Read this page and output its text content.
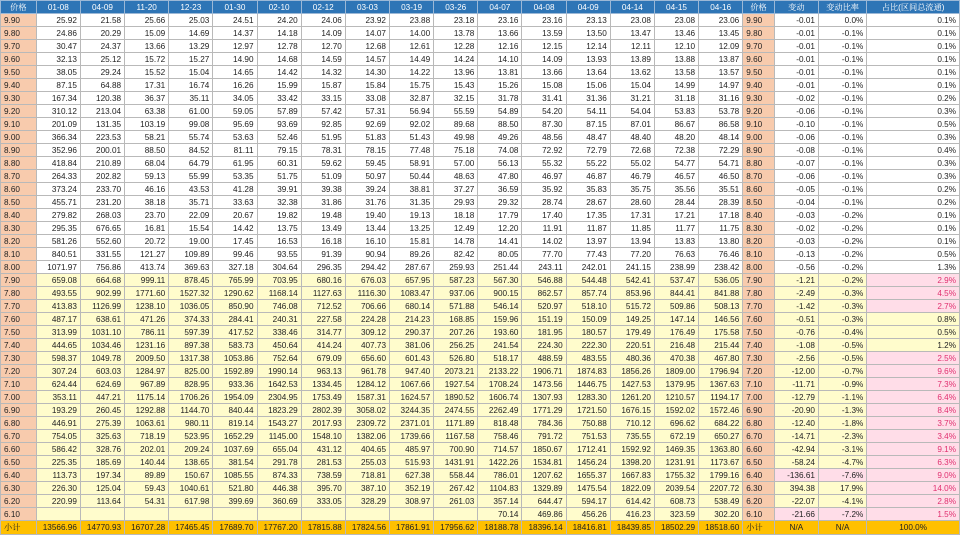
价格	01-08	04-09	11-20	12-23	01-30	02-10	02-12	03-03	03-19	03-26	04-07	04-08	04-09	04-14	04-15	04-16	价格	变动	变动比率	占比(区间总流通)
9.90	25.92	21.58	25.66	25.03	24.51	24.20	24.06	23.92	23.88	23.18	23.16	23.16	23.13	23.08	23.08	23.06	9.90	-0.01	0.0%	0.1%
9.80	24.86	20.29	15.09	14.69	14.37	14.18	14.09	14.07	14.00	13.78	13.66	13.59	13.50	13.47	13.46	13.45	9.80	-0.01	-0.1%	0.1%
9.70	30.47	24.37	13.66	13.29	12.97	12.78	12.70	12.68	12.61	12.28	12.16	12.15	12.14	12.11	12.10	12.09	9.70	-0.01	-0.1%	0.1%
9.60	32.13	25.12	15.72	15.27	14.90	14.68	14.59	14.57	14.49	14.24	14.10	14.09	13.93	13.89	13.88	13.87	9.60	-0.01	-0.1%	0.1%
9.50	38.05	29.24	15.52	15.04	14.65	14.42	14.32	14.30	14.22	13.96	13.81	13.66	13.64	13.62	13.58	13.57	9.50	-0.01	-0.1%	0.1%
9.40	87.15	64.88	17.31	16.74	16.26	15.99	15.87	15.84	15.75	15.43	15.26	15.08	15.06	15.04	14.99	14.97	9.40	-0.01	-0.1%	0.1%
9.30	167.34	120.38	36.37	35.11	34.05	33.42	33.15	33.08	32.87	32.15	31.78	31.41	31.36	31.21	31.18	31.16	9.30	-0.02	-0.1%	0.2%
9.20	310.12	213.04	63.38	61.00	59.05	57.89	57.42	57.31	56.94	55.59	54.89	54.20	54.11	54.04	53.83	53.78	9.20	-0.06	-0.1%	0.3%
9.10	201.09	131.35	103.19	99.08	95.69	93.69	92.85	92.69	92.02	89.68	88.50	87.30	87.15	87.01	86.67	86.58	9.10	-0.10	-0.1%	0.5%
9.00	366.34	223.53	58.21	55.74	53.63	52.46	51.95	51.83	51.43	49.98	49.26	48.56	48.47	48.40	48.20	48.14	9.00	-0.06	-0.1%	0.3%
8.90	352.96	200.01	88.50	84.52	81.11	79.15	78.31	78.15	77.48	75.18	74.08	72.92	72.79	72.68	72.38	72.29	8.90	-0.08	-0.1%	0.4%
8.80	418.84	210.89	68.04	64.79	61.95	60.31	59.62	59.45	58.91	57.00	56.13	55.32	55.22	55.02	54.77	54.71	8.80	-0.07	-0.1%	0.3%
8.70	264.33	202.82	59.13	55.99	53.35	51.75	51.09	50.97	50.44	48.63	47.80	46.97	46.87	46.79	46.57	46.50	8.70	-0.06	-0.1%	0.3%
8.60	373.24	233.70	46.16	43.53	41.28	39.91	39.38	39.24	38.81	37.27	36.59	35.92	35.83	35.75	35.56	35.51	8.60	-0.05	-0.1%	0.2%
8.50	455.71	231.20	38.18	35.71	33.63	32.38	31.86	31.76	31.35	29.93	29.32	28.74	28.67	28.60	28.44	28.39	8.50	-0.04	-0.1%	0.2%
8.40	279.82	268.03	23.70	22.09	20.67	19.82	19.48	19.40	19.13	18.18	17.79	17.40	17.35	17.31	17.21	17.18	8.40	-0.03	-0.2%	0.1%
8.30	295.35	676.65	16.81	15.54	14.42	13.75	13.49	13.44	13.25	12.49	12.20	11.91	11.87	11.85	11.77	11.75	8.30	-0.02	-0.2%	0.1%
8.20	581.26	552.60	20.72	19.00	17.45	16.53	16.18	16.10	15.81	14.78	14.41	14.02	13.97	13.94	13.83	13.80	8.20	-0.03	-0.2%	0.1%
8.10	840.51	331.55	121.27	109.89	99.46	93.55	91.39	90.94	89.26	82.42	80.05	77.70	77.43	77.20	76.63	76.46	8.10	-0.13	-0.2%	0.5%
8.00	1071.97	756.86	413.74	369.63	327.18	304.64	296.35	294.42	287.67	259.93	251.44	243.11	242.01	241.15	238.99	238.42	8.00	-0.56	-0.2%	1.3%
7.90	659.08	664.68	999.11	878.45	765.99	703.95	680.16	676.03	657.95	587.23	567.30	546.88	544.48	542.41	537.47	536.05	7.90	-1.21	-0.2%	2.9%
7.80	493.55	902.99	1771.60	1527.32	1290.62	1168.14	1127.63	1116.30	1083.47	937.06	900.15	862.57	857.74	853.96	844.41	841.88	7.80	-2.49	-0.3%	4.5%
7.70	413.83	1126.99	1238.10	1036.05	850.90	746.08	712.52	706.66	680.14	571.88	546.14	520.97	518.10	515.72	509.86	508.13	7.70	-1.42	-0.3%	2.7%
7.60	487.17	638.61	471.26	374.33	284.41	240.31	227.58	224.28	214.23	168.85	159.96	151.19	150.09	149.25	147.14	146.56	7.60	-0.51	-0.3%	0.8%
7.50	313.99	1031.10	786.11	597.39	417.52	338.46	314.77	309.12	290.37	207.26	193.60	181.95	180.57	179.49	176.49	175.58	7.50	-0.76	-0.4%	0.5%
7.40	444.65	1034.46	1231.16	897.38	583.73	450.64	414.24	407.73	381.06	256.25	241.54	224.30	222.30	220.51	216.48	215.44	7.40	-1.08	-0.5%	1.2%
7.30	598.37	1049.78	2009.50	1317.38	1053.86	752.64	679.09	656.60	601.43	526.80	518.17	488.59	483.55	480.36	470.38	467.80	7.30	-2.56	-0.5%	2.5%
7.20	307.24	603.03	1284.97	825.00	1592.89	1990.14	963.13	961.78	947.40	2073.21	2133.22	1906.71	1874.83	1856.26	1809.00	1796.94	7.20	-12.00	-0.7%	9.6%
7.10	624.44	624.69	967.89	828.95	933.36	1642.53	1334.45	1284.12	1067.66	1927.54	1708.24	1473.56	1446.75	1427.53	1379.95	1367.63	7.10	-11.71	-0.9%	7.3%
7.00	353.11	447.21	1175.14	1706.26	1954.09	2304.95	1753.49	1587.31	1624.57	1890.52	1606.74	1307.93	1283.30	1261.20	1210.57	1194.17	7.00	-12.79	-1.1%	6.4%
6.90	193.29	260.45	1292.88	1144.70	840.44	1823.29	2802.39	3058.02	3244.35	2474.55	2262.49	1771.29	1721.50	1676.15	1592.02	1572.46	6.90	-20.90	-1.3%	8.4%
6.80	446.91	275.39	1063.61	980.11	819.14	1543.27	2017.93	2309.72	2371.01	1171.89	818.48	784.36	750.88	710.12	696.62	684.22	6.80	-12.40	-1.8%	3.7%
6.70	754.05	325.63	718.19	523.95	1652.29	1145.00	1548.10	1382.06	1739.66	1167.58	758.46	791.72	751.53	735.55	672.19	650.27	6.70	-14.71	-2.3%	3.4%
6.60	586.42	328.76	202.01	209.24	1037.69	655.04	431.12	404.65	485.97	700.90	714.57	1850.67	1712.41	1592.92	1469.35	1363.80	6.60	-42.94	-3.1%	9.1%
6.50	225.35	185.69	140.44	138.65	381.54	291.78	281.53	255.03	515.93	1431.91	1422.26	1534.81	1456.24	1398.20	1231.91	1173.67	6.50	-58.24	-4.7%	6.3%
6.40	113.73	197.34	89.89	150.67	1085.55	874.33	738.59	718.81	627.38	558.44	786.01	1207.62	1655.37	1667.83	1755.32	1799.16	6.40	-136.61	-7.6%	9.0%
6.30	226.30	125.04	59.43	1040.61	521.80	446.38	395.70	387.10	352.19	267.42	1104.83	1329.89	1475.54	1822.09	2039.54	2207.72	6.30	394.38	17.9%	14.0%
6.20	220.99	113.64	54.31	617.98	399.69	360.69	333.05	328.29	308.97	261.03	357.14	644.47	594.17	614.42	608.73	538.49	6.20	-22.07	-4.1%	2.8%
6.10											70.14	469.86	456.26	416.23	323.59	302.20	6.10	-21.66	-7.2%	1.5%
小计	13566.96	14770.93	16707.28	17465.45	17689.70	17767.20	17815.88	17824.56	17861.91	17956.62	18188.78	18396.14	18416.81	18439.85	18502.29	18518.60	小计	N/A	N/A	100.0%
